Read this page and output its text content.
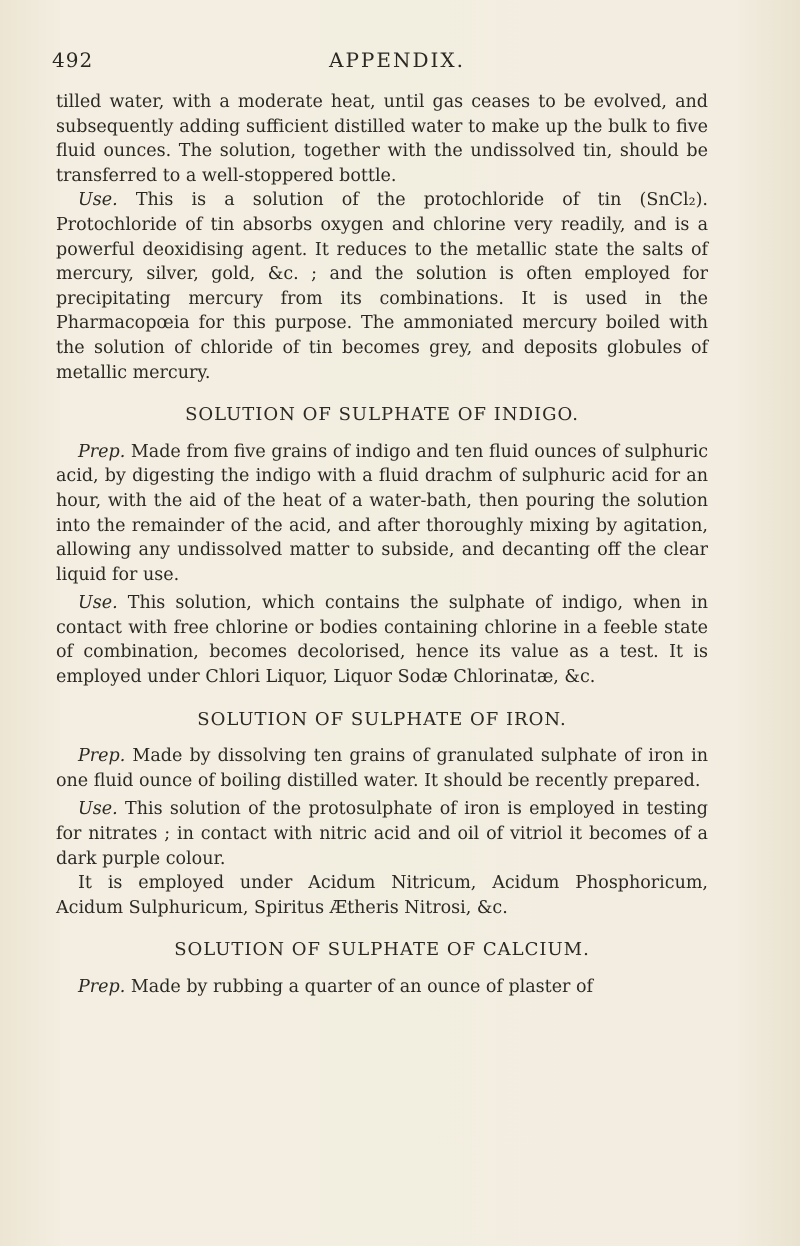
492	APPENDIX.

tilled water, with a moderate heat, until gas ceases to be evolved, and subsequently adding sufficient distilled water to make up the bulk to five fluid ounces. The solution, together with the undissolved tin, should be transferred to a well-stoppered bottle.

Use. This is a solution of the protochloride of tin (SnCl₂). Protochloride of tin absorbs oxygen and chlorine very readily, and is a powerful deoxidising agent. It reduces to the metallic state the salts of mercury, silver, gold, &c. ; and the solution is often employed for precipitating mercury from its combinations. It is used in the Pharmacopœia for this purpose. The ammoniated mercury boiled with the solution of chloride of tin becomes grey, and deposits globules of metallic mercury.

SOLUTION OF SULPHATE OF INDIGO.

Prep. Made from five grains of indigo and ten fluid ounces of sulphuric acid, by digesting the indigo with a fluid drachm of sulphuric acid for an hour, with the aid of the heat of a water-bath, then pouring the solution into the remainder of the acid, and after thoroughly mixing by agitation, allowing any undissolved matter to subside, and decanting off the clear liquid for use.

Use. This solution, which contains the sulphate of indigo, when in contact with free chlorine or bodies containing chlorine in a feeble state of combination, becomes decolorised, hence its value as a test. It is employed under Chlori Liquor, Liquor Sodæ Chlorinatæ, &c.

SOLUTION OF SULPHATE OF IRON.

Prep. Made by dissolving ten grains of granulated sulphate of iron in one fluid ounce of boiling distilled water. It should be recently prepared.

Use. This solution of the protosulphate of iron is employed in testing for nitrates ; in contact with nitric acid and oil of vitriol it becomes of a dark purple colour.

It is employed under Acidum Nitricum, Acidum Phosphoricum, Acidum Sulphuricum, Spiritus Ætheris Nitrosi, &c.

SOLUTION OF SULPHATE OF CALCIUM.

Prep. Made by rubbing a quarter of an ounce of plaster of
